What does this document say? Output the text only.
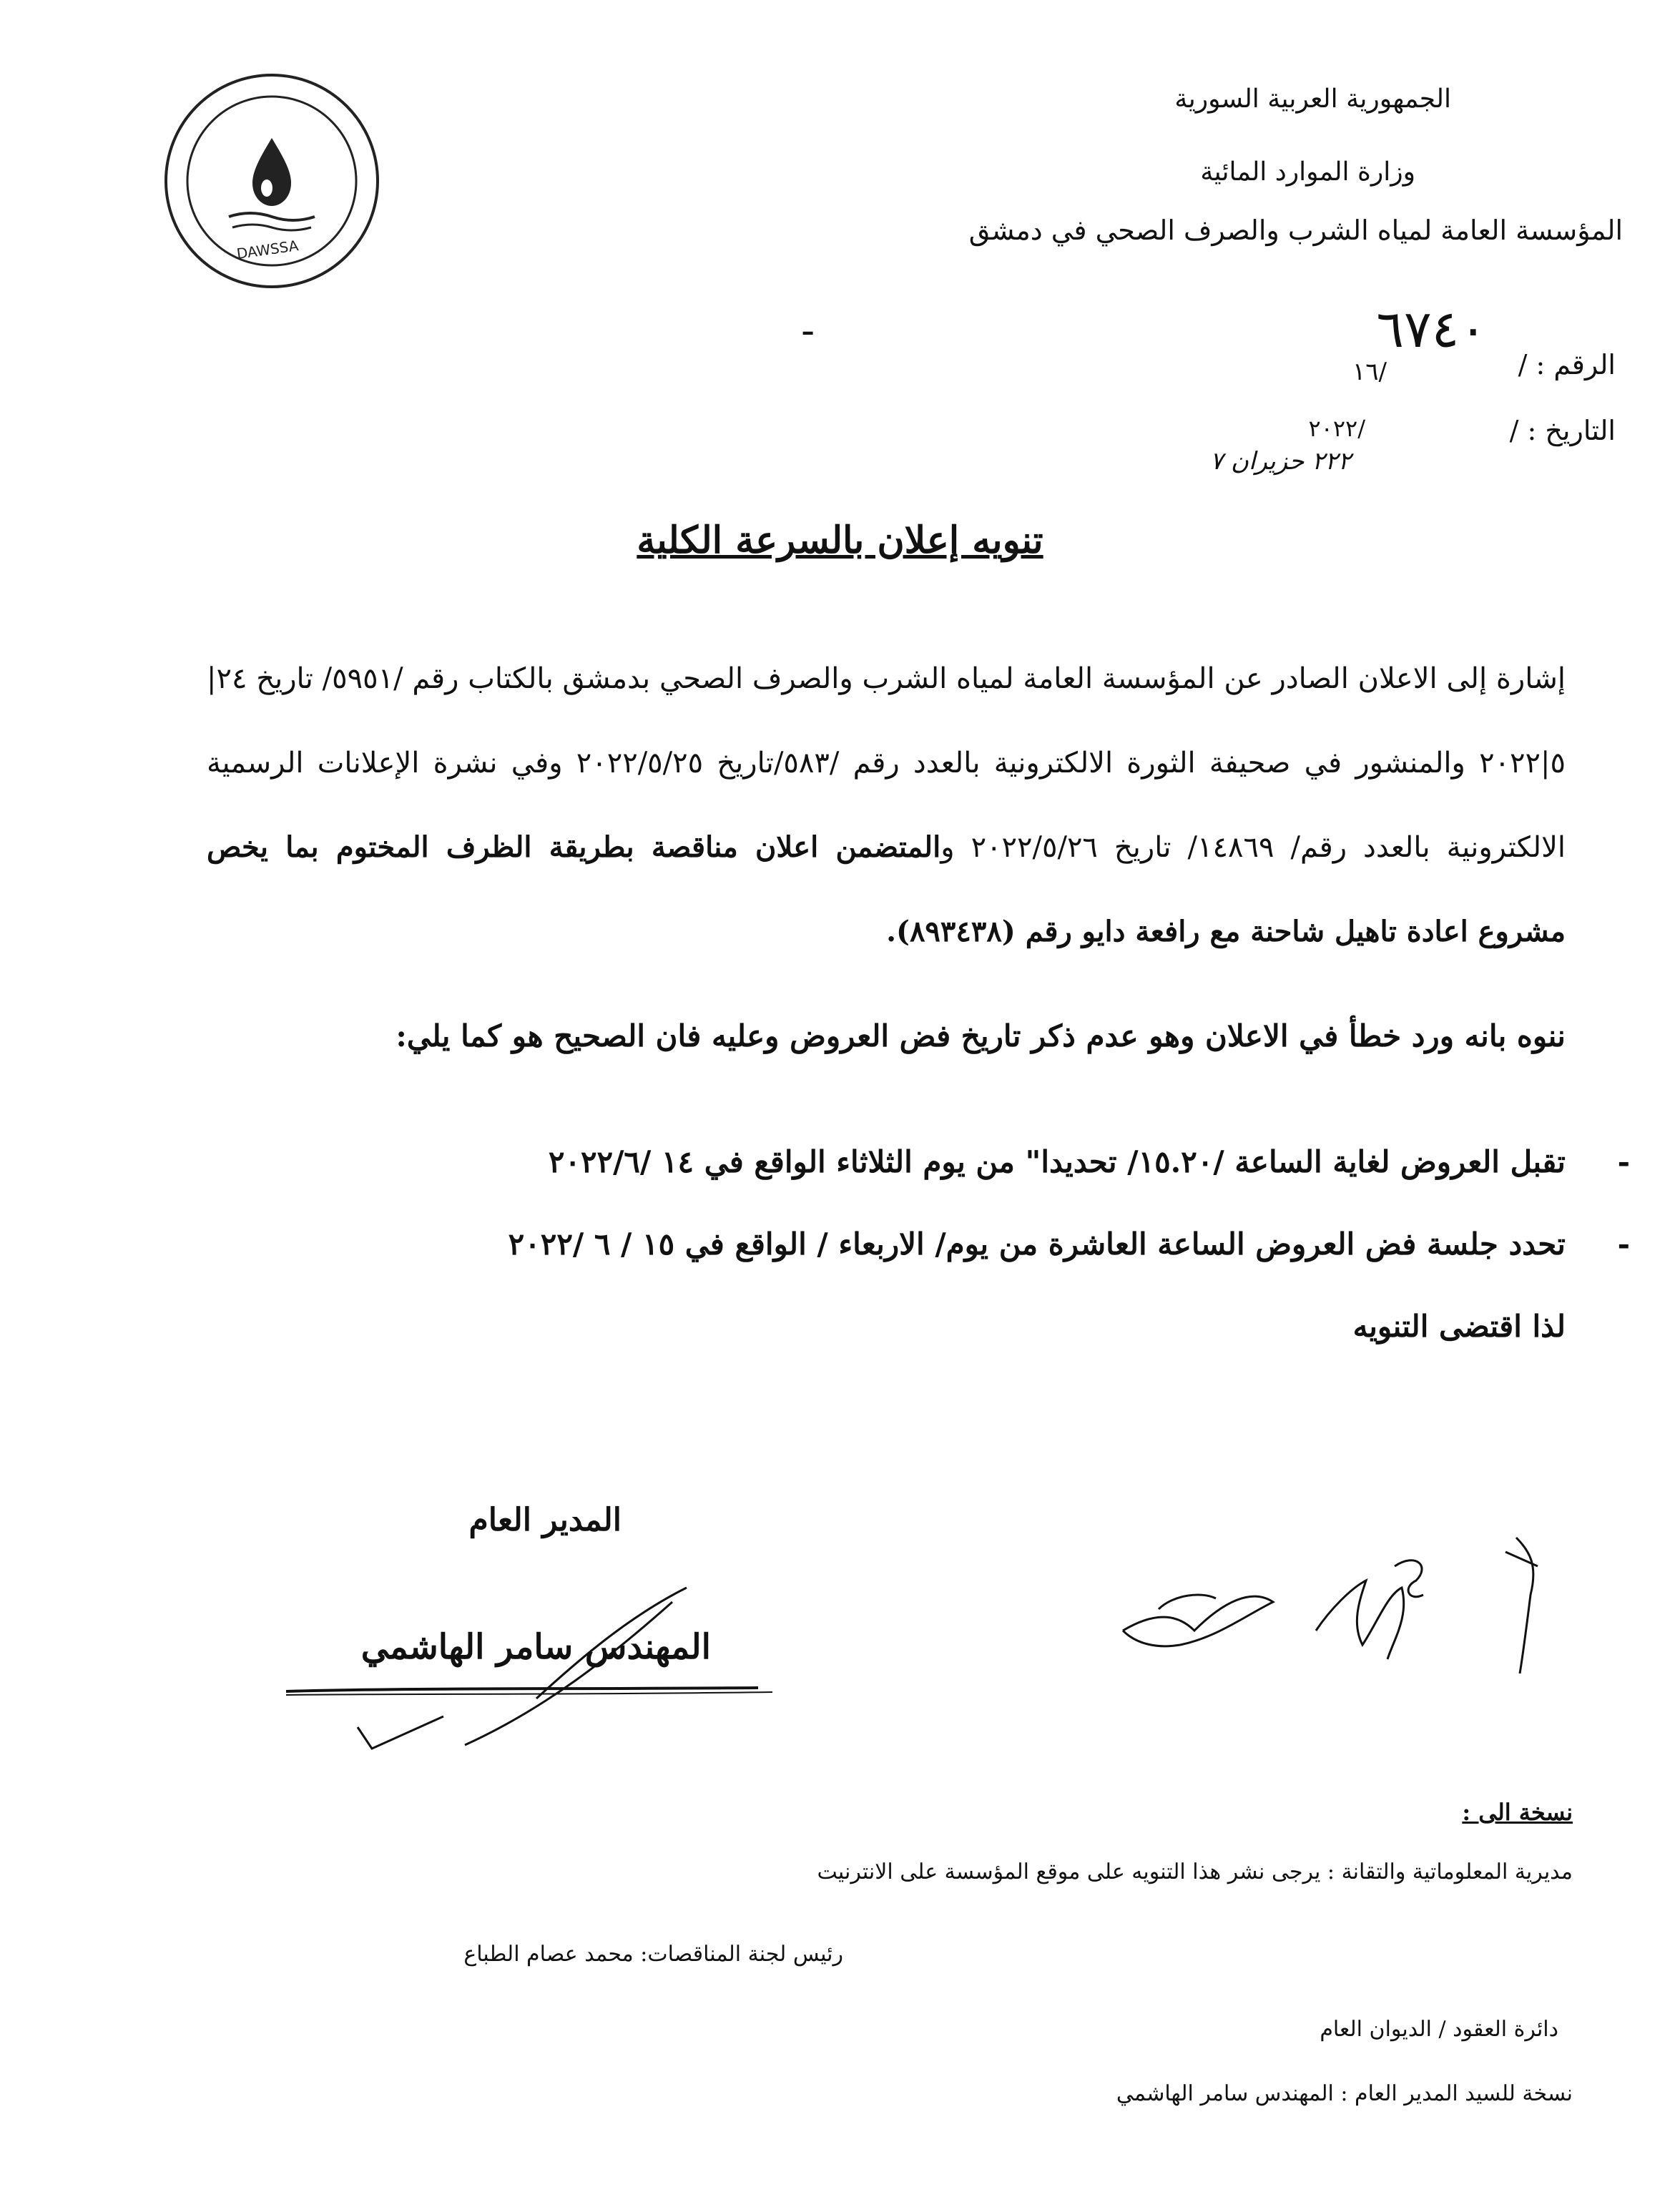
DAWSSA
الجمهورية العربية السورية
وزارة الموارد المائية
المؤسسة العامة لمياه الشرب والصرف الصحي في دمشق
الرقم : /
٦٧٤٠
-
١٦/
التاريخ : /
٢٠٢٢/
٢٢٢ حزيران ٧
تنويه إعلان بالسرعة الكلية

إشارة إلى الاعلان الصادر عن المؤسسة العامة لمياه الشرب والصرف الصحي بدمشق بالكتاب رقم /٥٩٥١/ تاريخ ٢٤|٥|٢٠٢٢ والمنشور في صحيفة الثورة الالكترونية بالعدد رقم /٥٨٣/تاريخ ٢٠٢٢/٥/٢٥ وفي نشرة الإعلانات الرسمية الالكترونية بالعدد رقم/ ١٤٨٦٩/ تاريخ ٢٠٢٢/٥/٢٦ والمتضمن اعلان مناقصة بطريقة الظرف المختوم بما يخص مشروع اعادة تاهيل شاحنة مع رافعة دايو رقم (٨٩٣٤٣٨).

ننوه بانه ورد خطأ في الاعلان وهو عدم ذكر تاريخ فض العروض وعليه فان الصحيح هو كما يلي:
-
تقبل العروض لغاية الساعة /١٥.٢٠/ تحديدا" من يوم الثلاثاء الواقع في ١٤ /٢٠٢٢/٦
-
تحدد جلسة فض العروض الساعة العاشرة من يوم/ الاربعاء / الواقع في ١٥ / ٦ /٢٠٢٢
لذا اقتضى التنويه
المدير العام
المهندس سامر الهاشمي
نسخة الى :
مديرية المعلوماتية والتقانة : يرجى نشر هذا التنويه على موقع المؤسسة على الانترنيت
رئيس لجنة المناقصات: محمد عصام الطباع
دائرة العقود / الديوان العام
نسخة للسيد المدير العام : المهندس سامر الهاشمي
